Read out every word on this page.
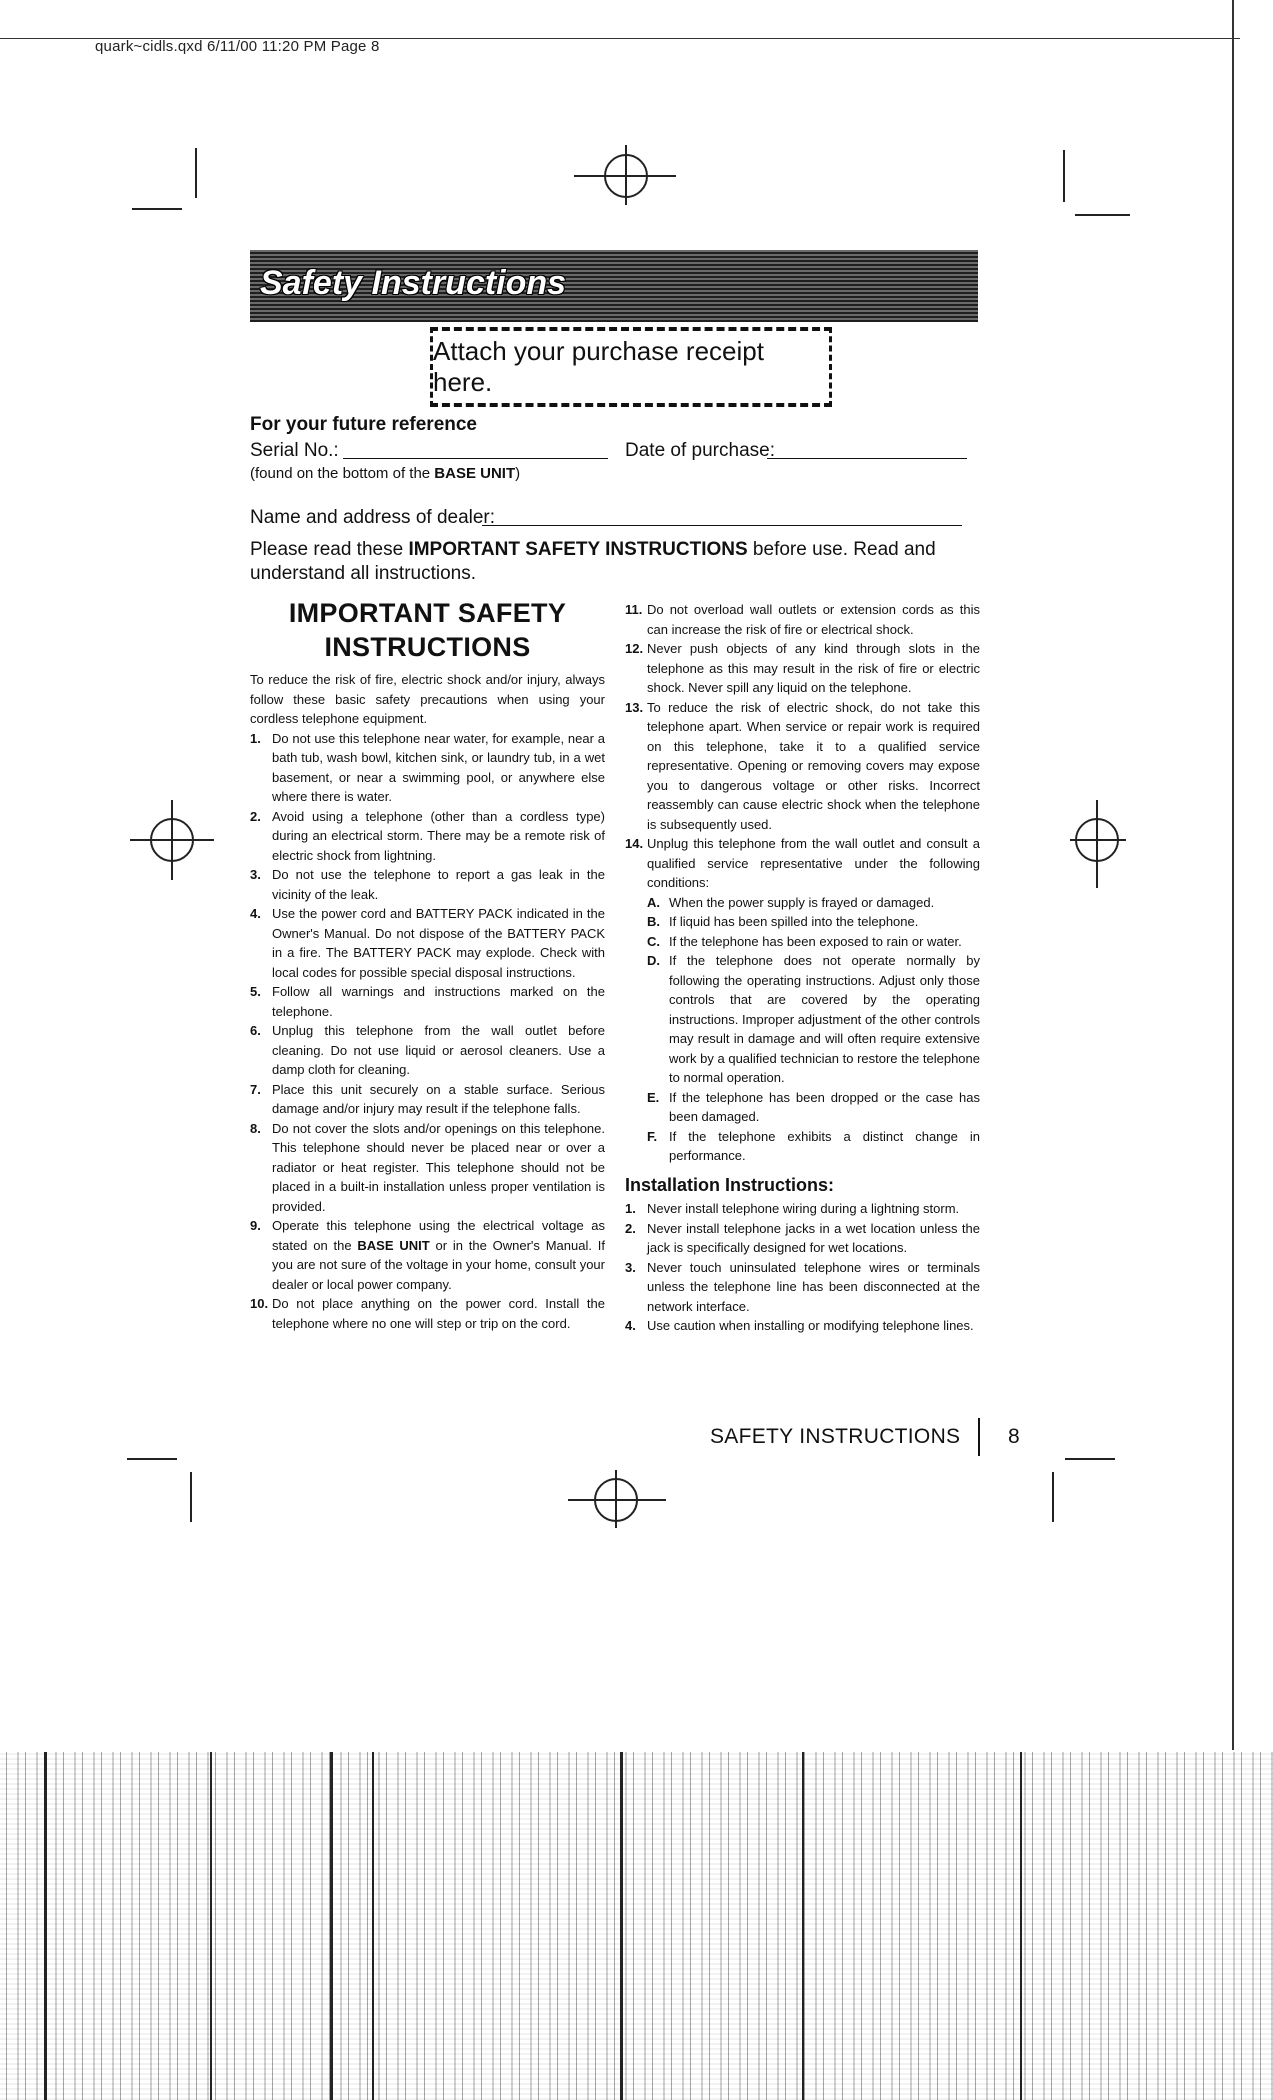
quark~cidls.qxd 6/11/00 11:20 PM Page 8
Safety Instructions
Attach your purchase receipt here.
For your future reference
Serial No.:	Date of purchase:
(found on the bottom of the BASE UNIT)
Name and address of dealer:
Please read these IMPORTANT SAFETY INSTRUCTIONS before use. Read and understand all instructions.
IMPORTANT SAFETY
INSTRUCTIONS
To reduce the risk of fire, electric shock and/or injury, always follow these basic safety precautions when using your cordless telephone equipment.
1. Do not use this telephone near water, for example, near a bath tub, wash bowl, kitchen sink, or laundry tub, in a wet basement, or near a swimming pool, or anywhere else where there is water.
2. Avoid using a telephone (other than a cordless type) during an electrical storm. There may be a remote risk of electric shock from lightning.
3. Do not use the telephone to report a gas leak in the vicinity of the leak.
4. Use the power cord and BATTERY PACK indicated in the Owner's Manual. Do not dispose of the BATTERY PACK in a fire. The BATTERY PACK may explode. Check with local codes for possible special disposal instructions.
5. Follow all warnings and instructions marked on the telephone.
6. Unplug this telephone from the wall outlet before cleaning. Do not use liquid or aerosol cleaners. Use a damp cloth for cleaning.
7. Place this unit securely on a stable surface. Serious damage and/or injury may result if the telephone falls.
8. Do not cover the slots and/or openings on this telephone. This telephone should never be placed near or over a radiator or heat register. This telephone should not be placed in a built-in installation unless proper ventilation is provided.
9. Operate this telephone using the electrical voltage as stated on the BASE UNIT or in the Owner's Manual. If you are not sure of the voltage in your home, consult your dealer or local power company.
10. Do not place anything on the power cord. Install the telephone where no one will step or trip on the cord.
11. Do not overload wall outlets or extension cords as this can increase the risk of fire or electrical shock.
12. Never push objects of any kind through slots in the telephone as this may result in the risk of fire or electric shock. Never spill any liquid on the telephone.
13. To reduce the risk of electric shock, do not take this telephone apart. When service or repair work is required on this telephone, take it to a qualified service representative. Opening or removing covers may expose you to dangerous voltage or other risks. Incorrect reassembly can cause electric shock when the telephone is subsequently used.
14. Unplug this telephone from the wall outlet and consult a qualified service representative under the following conditions:
A. When the power supply is frayed or damaged.
B. If liquid has been spilled into the telephone.
C. If the telephone has been exposed to rain or water.
D. If the telephone does not operate normally by following the operating instructions. Adjust only those controls that are covered by the operating instructions. Improper adjustment of the other controls may result in damage and will often require extensive work by a qualified technician to restore the telephone to normal operation.
E. If the telephone has been dropped or the case has been damaged.
F. If the telephone exhibits a distinct change in performance.
Installation Instructions:
1. Never install telephone wiring during a lightning storm.
2. Never install telephone jacks in a wet location unless the jack is specifically designed for wet locations.
3. Never touch uninsulated telephone wires or terminals unless the telephone line has been disconnected at the network interface.
4. Use caution when installing or modifying telephone lines.
SAFETY INSTRUCTIONS 8
